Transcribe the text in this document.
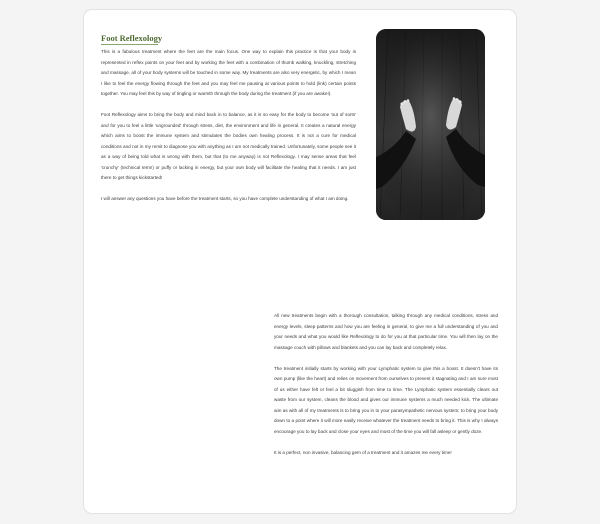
Foot Reflexology

This is a fabulous treatment where the feet are the main focus. One way to explain this practice is that your body is represented in reflex points on your feet and by working the feet with a combination of thumb walking, knuckling, stretching and massage, all of your body systems will be touched in some way. My treatments are also very energetic, by which I mean I like to feel the energy flowing through the feet and you may feel me pausing at various points to hold (link) certain points together. You may feel this by way of tingling or warmth through the body during the treatment (if you are awake!).

Foot Reflexology aims to bring the body and mind back in to balance, as it is so easy for the body to become 'out of sorts' and for you to feel a little 'ungrounded' through stress, diet, the environment and life in general. It creates a natural energy which aims to boost the immune system and stimulates the bodies own healing process. It is not a cure for medical conditions and not in my remit to diagnose you with anything as I am not medically trained. Unfortunately, some people see it as a way of being told what is wrong with them, but that (to me anyway) is not Reflexology. I may sense areas that feel 'crunchy' (technical term!) or puffy or lacking in energy, but your own body will facilitate the healing that it needs. I am just there to get things kickstarted!

I will answer any questions you have before the treatment starts, so you have complete understanding of what I am doing.

All new treatments begin with a thorough consultation, talking through any medical conditions, stress and energy levels, sleep patterns and how you are feeling in general, to give me a full understanding of you and your needs and what you would like Reflexology to do for you at that particular time. You will then lay on the massage couch with pillows and blankets and you can lay back and completely relax.

The treatment initially starts by working with your Lymphatic system to give this a boost. It doesn't have its own pump (like the heart) and relies on movement from ourselves to prevent it stagnating and I am sure most of us either have felt or feel a bit sluggish from time to time. The Lymphatic system essentially clears out waste from our system, cleans the blood and gives our immune systems a much needed kick. The ultimate aim as with all of my treatments is to bring you in to your parasympathetic nervous system; to bring your body down to a point where it will more easily receive whatever the treatment needs to bring it. This is why I always encourage you to lay back and close your eyes and most of the time you will fall asleep or gently doze.

It is a perfect, non invasive, balancing gem of a treatment and it amazes me every time!
